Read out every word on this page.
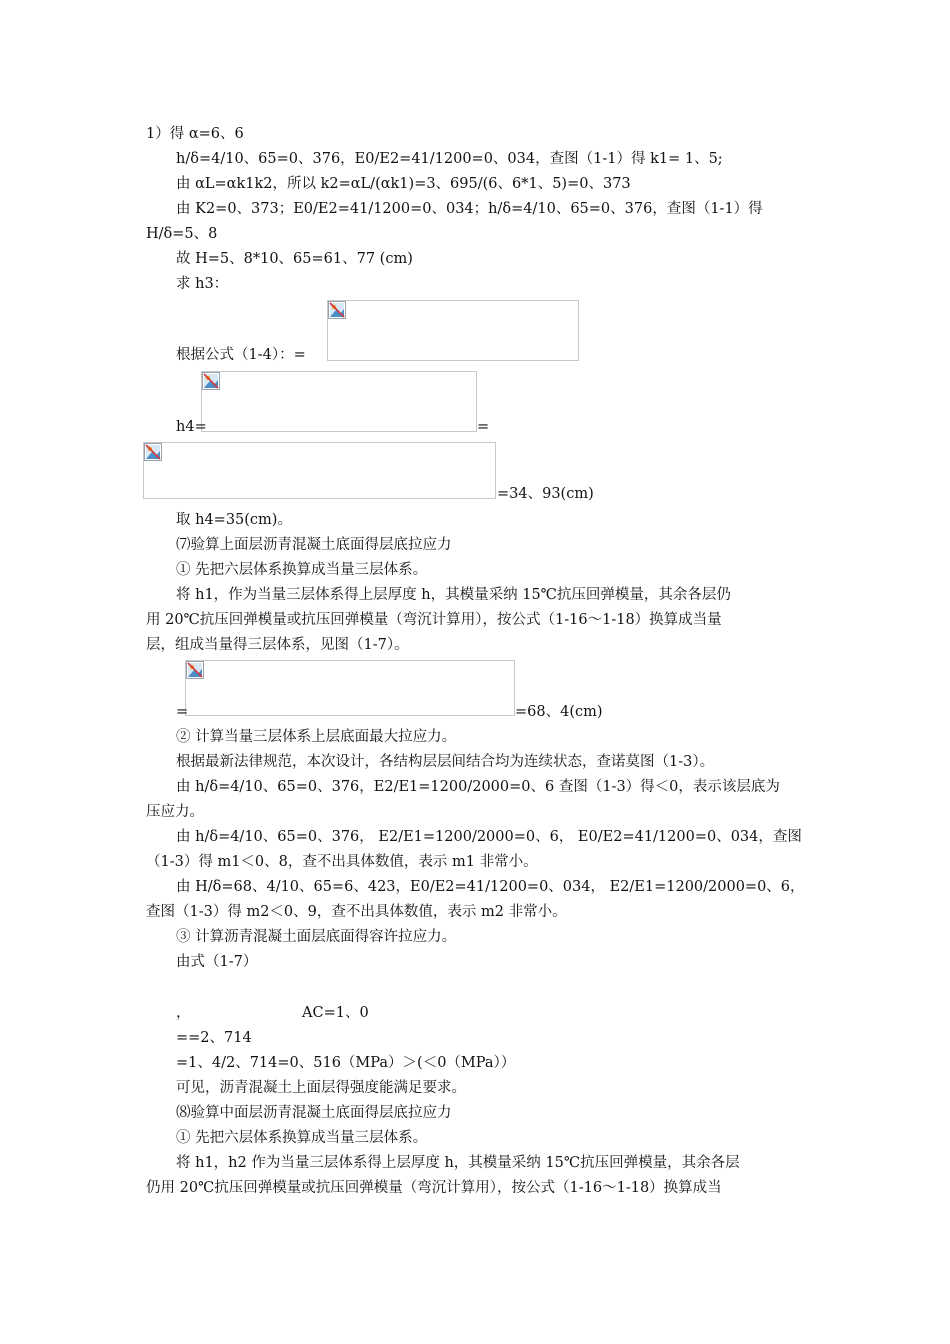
1）得 α=6、6
h/δ=4/10、65=0、376，E0/E2=41/1200=0、034，查图（1-1）得 k1= 1、5;
由 αL=αk1k2，所以 k2=αL/(αk1)=3、695/(6、6*1、5)=0、373
由 K2=0、373；E0/E2=41/1200=0、034；h/δ=4/10、65=0、376，查图（1-1）得
H/δ=5、8
故 H=5、8*10、65=61、77 (cm)
求 h3：
根据公式（1-4）：=
h4=	=
=34、93(cm)
取 h4=35(cm)。
⑺验算上面层沥青混凝土底面得层底拉应力
① 先把六层体系换算成当量三层体系。
将 h1，作为当量三层体系得上层厚度 h，其模量采纳 15℃抗压回弹模量，其余各层仍
用 20℃抗压回弹模量或抗压回弹模量（弯沉计算用），按公式（1-16～1-18）换算成当量
层，组成当量得三层体系，见图（1-7）。
=	=68、4(cm)
② 计算当量三层体系上层底面最大拉应力。
根据最新法律规范，本次设计，各结构层层间结合均为连续状态，查诺莫图（1-3）。
由 h/δ=4/10、65=0、376，E2/E1=1200/2000=0、6 查图（1-3）得＜0，表示该层底为
压应力。
由 h/δ=4/10、65=0、376， E2/E1=1200/2000=0、6， E0/E2=41/1200=0、034，查图
（1-3）得 m1＜0、8，查不出具体数值，表示 m1 非常小。
由 H/δ=68、4/10、65=6、423，E0/E2=41/1200=0、034， E2/E1=1200/2000=0、6，
查图（1-3）得 m2＜0、9，查不出具体数值，表示 m2 非常小。
③ 计算沥青混凝土面层底面得容许拉应力。
由式（1-7）
，	AC=1、0
==2、714
=1、4/2、714=0、516（MPa）＞(＜0（MPa））
可见，沥青混凝土上面层得强度能满足要求。
⑻验算中面层沥青混凝土底面得层底拉应力
① 先把六层体系换算成当量三层体系。
将 h1，h2 作为当量三层体系得上层厚度 h，其模量采纳 15℃抗压回弹模量，其余各层
仍用 20℃抗压回弹模量或抗压回弹模量（弯沉计算用），按公式（1-16～1-18）换算成当
